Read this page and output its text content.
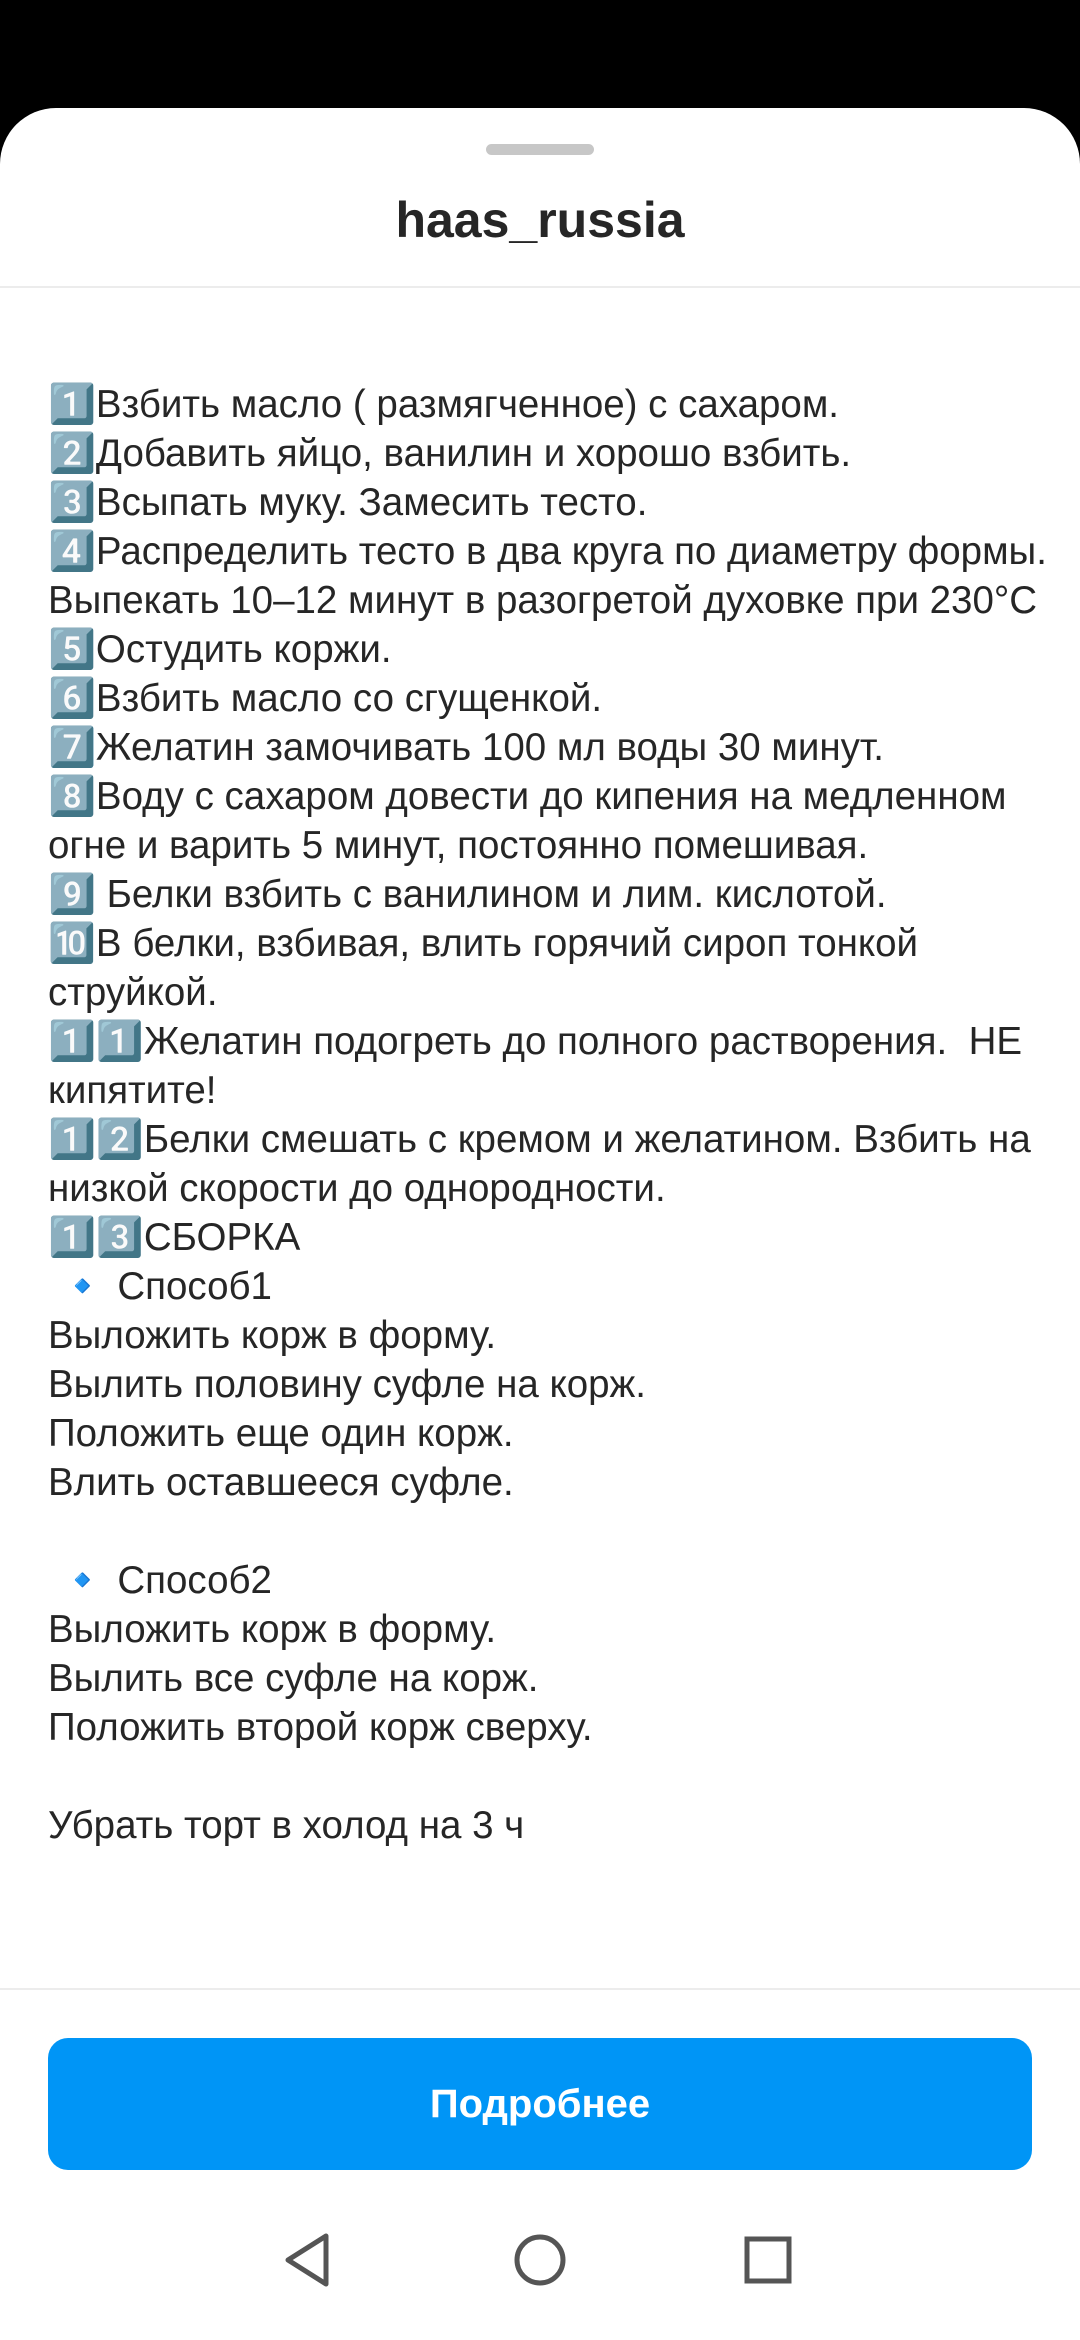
haas_russia
1️⃣Взбить масло ( размягченное) с сахаром.
2️⃣Добавить яйцо, ванилин и хорошо взбить.
3️⃣Всыпать муку. Замесить тесто.
4️⃣Распределить тесто в два круга по диаметру формы. Выпекать 10–12 минут в разогретой духовке при 230°С
5️⃣Остудить коржи.
6️⃣Взбить масло со сгущенкой.
7️⃣Желатин замочивать 100 мл воды 30 минут.
8️⃣Воду с сахаром довести до кипения на медленном огне и варить 5 минут, постоянно помешивая.
9️⃣ Белки взбить с ванилином и лим. кислотой.
🔟В белки, взбивая, влить горячий сироп тонкой струйкой.
1️⃣1️⃣Желатин подогреть до полного растворения.  НЕ кипятите!
1️⃣2️⃣Белки смешать с кремом и желатином. Взбить на низкой скорости до однородности.
1️⃣3️⃣СБОРКА
🔹 Способ1
Выложить корж в форму.
Вылить половину суфле на корж.
Положить еще один корж.
Влить оставшееся суфле.

🔹 Способ2
Выложить корж в форму.
Вылить все суфле на корж.
Положить второй корж сверху.

Убрать торт в холод на 3 ч
Подробнее
